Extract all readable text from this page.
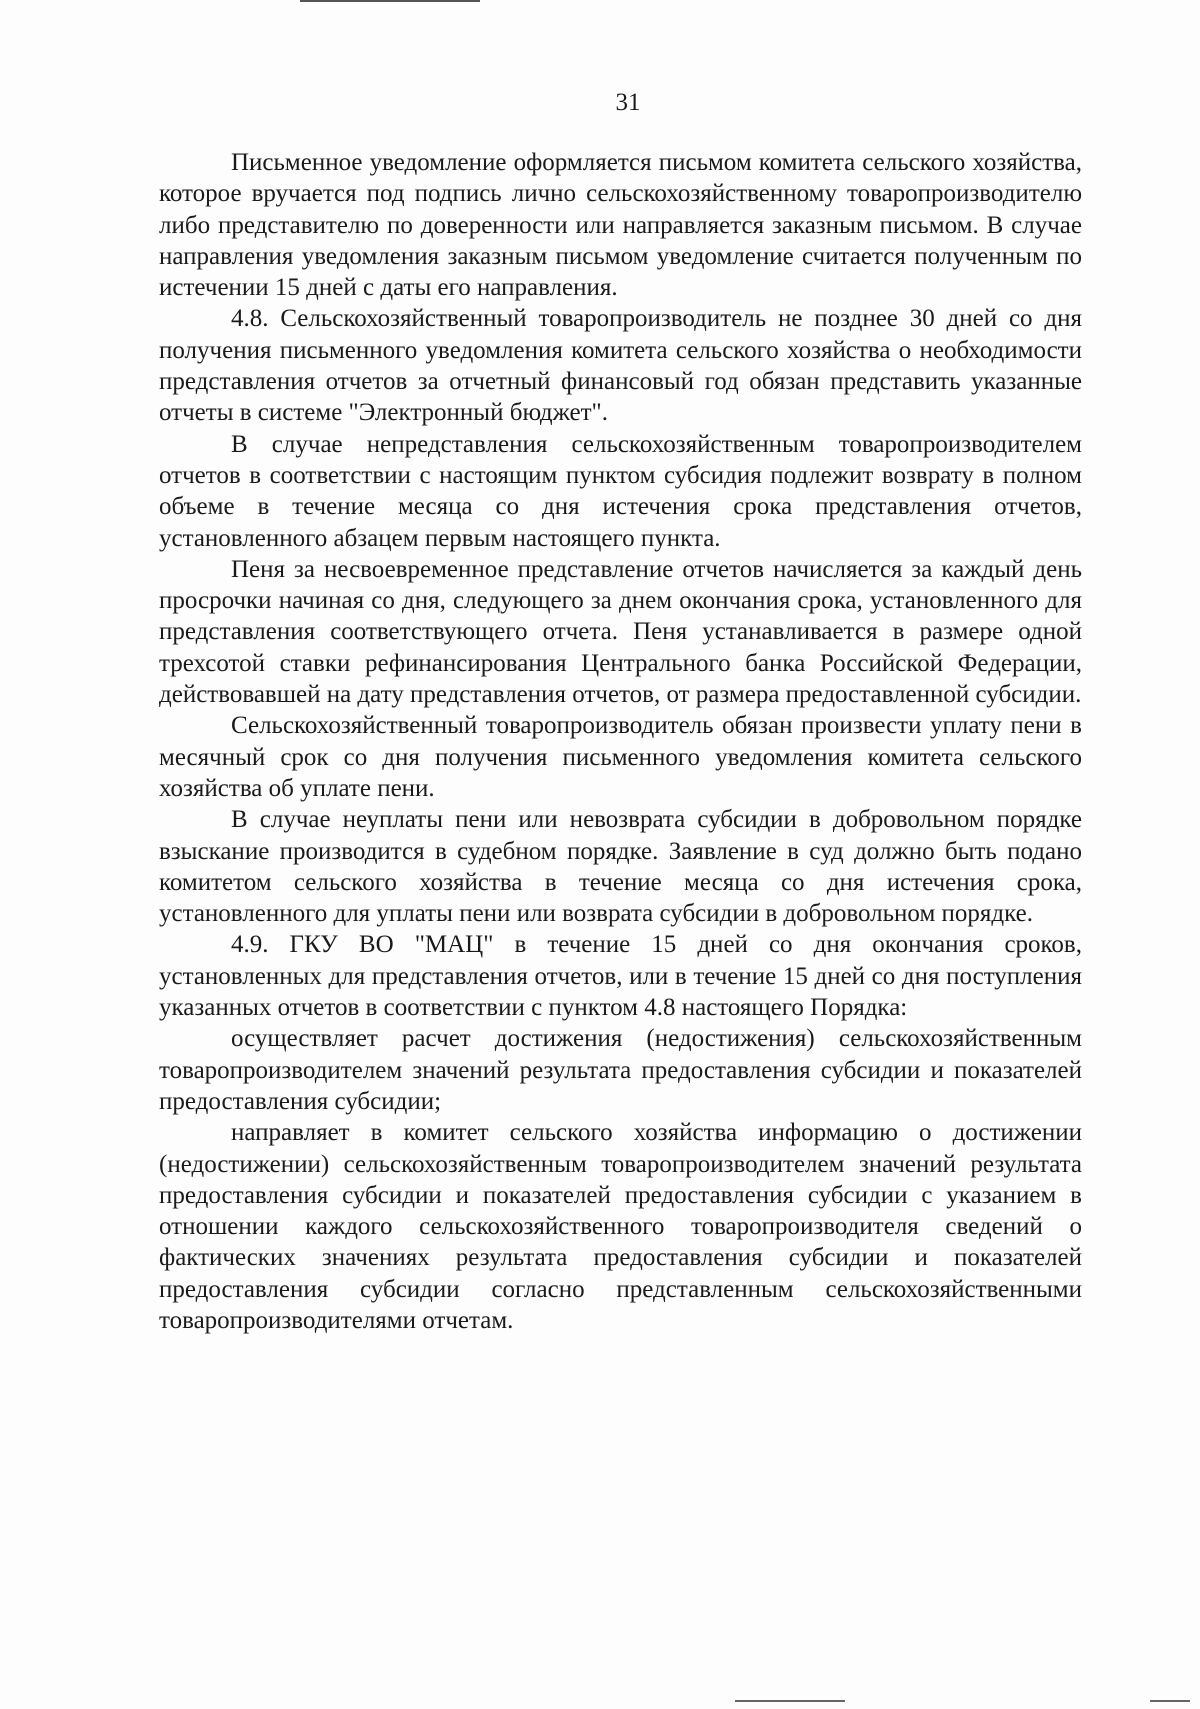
31

Письменное уведомление оформляется письмом комитета сельского хозяйства, которое вручается под подпись лично сельскохозяйственному товаропроизводителю либо представителю по доверенности или направляется заказным письмом. В случае направления уведомления заказным письмом уведомление считается полученным по истечении 15 дней с даты его направления.

4.8. Сельскохозяйственный товаропроизводитель не позднее 30 дней со дня получения письменного уведомления комитета сельского хозяйства о необходимости представления отчетов за отчетный финансовый год обязан представить указанные отчеты в системе "Электронный бюджет".

В случае непредставления сельскохозяйственным товаропроизводителем отчетов в соответствии с настоящим пунктом субсидия подлежит возврату в полном объеме в течение месяца со дня истечения срока представления отчетов, установленного абзацем первым настоящего пункта.

Пеня за несвоевременное представление отчетов начисляется за каждый день просрочки начиная со дня, следующего за днем окончания срока, установленного для представления соответствующего отчета. Пеня устанавливается в размере одной трехсотой ставки рефинансирования Центрального банка Российской Федерации, действовавшей на дату представления отчетов, от размера предоставленной субсидии.

Сельскохозяйственный товаропроизводитель обязан произвести уплату пени в месячный срок со дня получения письменного уведомления комитета сельского хозяйства об уплате пени.

В случае неуплаты пени или невозврата субсидии в добровольном порядке взыскание производится в судебном порядке. Заявление в суд должно быть подано комитетом сельского хозяйства в течение месяца со дня истечения срока, установленного для уплаты пени или возврата субсидии в добровольном порядке.

4.9. ГКУ ВО "МАЦ" в течение 15 дней со дня окончания сроков, установленных для представления отчетов, или в течение 15 дней со дня поступления указанных отчетов в соответствии с пунктом 4.8 настоящего Порядка:

осуществляет расчет достижения (недостижения) сельскохозяйственным товаропроизводителем значений результата предоставления субсидии и показателей предоставления субсидии;

направляет в комитет сельского хозяйства информацию о достижении (недостижении) сельскохозяйственным товаропроизводителем значений результата предоставления субсидии и показателей предоставления субсидии с указанием в отношении каждого сельскохозяйственного товаропроизводителя сведений о фактических значениях результата предоставления субсидии и показателей предоставления субсидии согласно представленным сельскохозяйственными товаропроизводителями отчетам.
